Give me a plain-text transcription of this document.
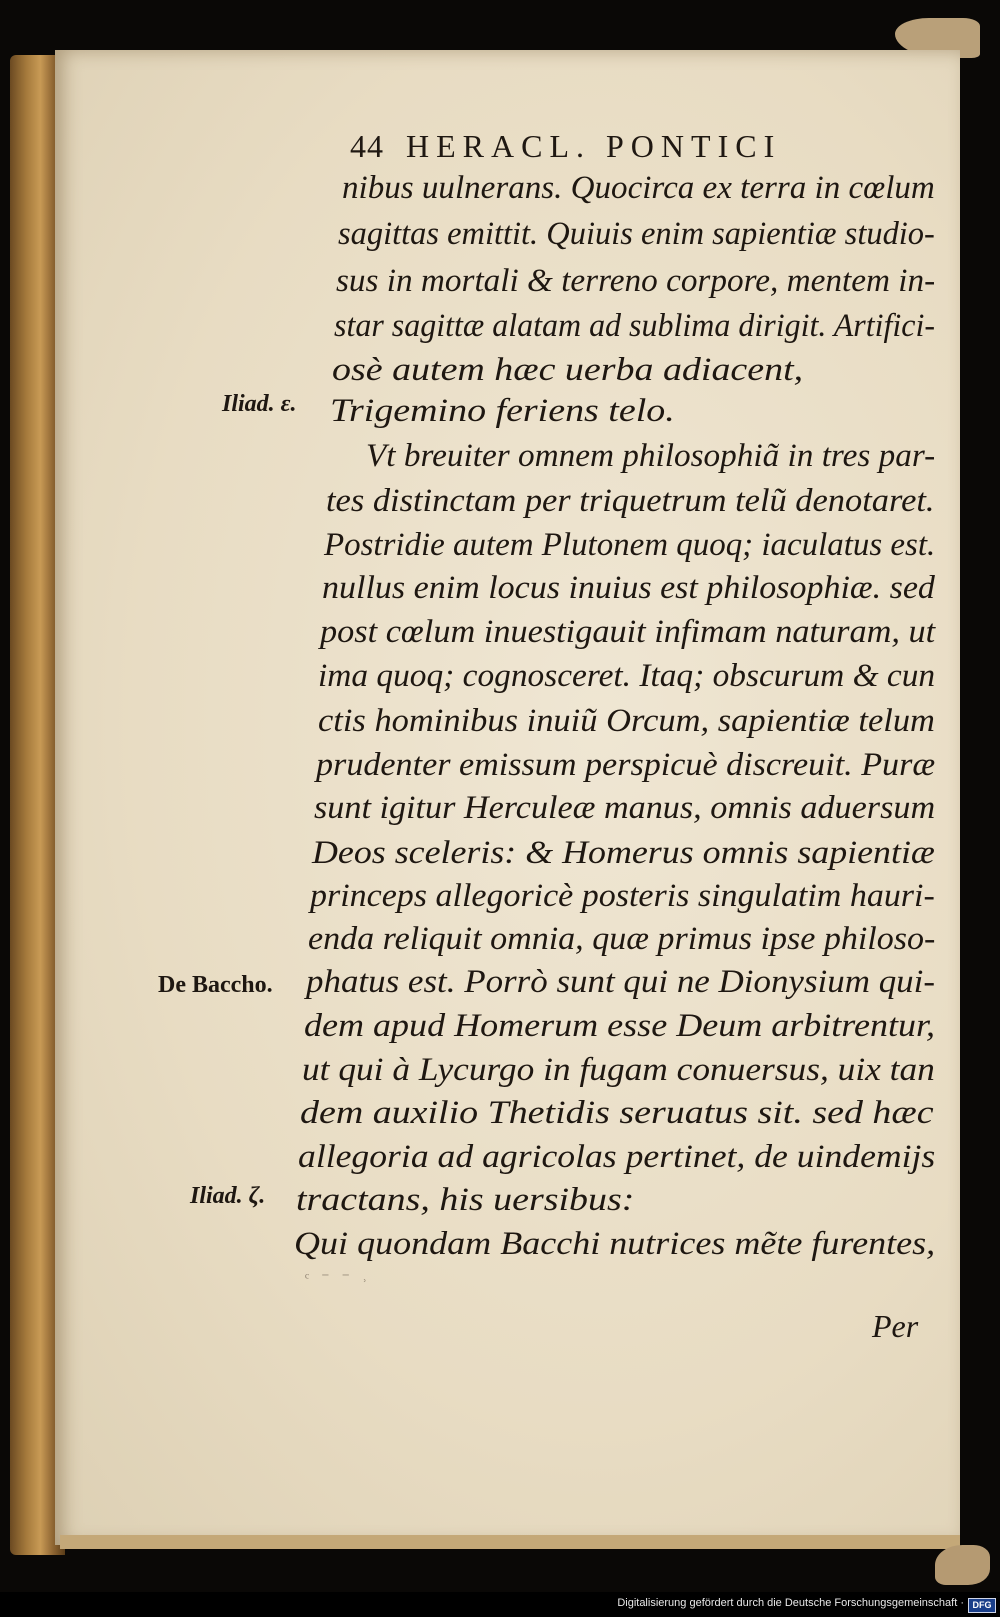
44 HERACL. PONTICI
nibus uulnerans. Quocirca ex terra in cœlum
sagittas emittit. Quiuis enim sapientiæ studio-
sus in mortali & terreno corpore, mentem in-
star sagittæ alatam ad sublima dirigit. Artifici-
osè autem hæc uerba adiacent,
Trigemino feriens telo.
Vt breuiter omnem philosophiã in tres par-
tes distinctam per triquetrum telũ denotaret.
Postridie autem Plutonem quoq; iaculatus est.
nullus enim locus inuius est philosophiæ. sed
post cœlum inuestigauit infimam naturam, ut
ima quoq; cognosceret. Itaq; obscurum & cun
ctis hominibus inuiũ Orcum, sapientiæ telum
prudenter emissum perspicuè discreuit. Puræ
sunt igitur Herculeæ manus, omnis aduersum
Deos sceleris: & Homerus omnis sapientiæ
princeps allegoricè posteris singulatim hauri-
enda reliquit omnia, quæ primus ipse philoso-
phatus est. Porrò sunt qui ne Dionysium qui-
dem apud Homerum esse Deum arbitrentur,
ut qui à Lycurgo in fugam conuersus, uix tan
dem auxilio Thetidis seruatus sit. sed hæc
allegoria ad agricolas pertinet, de uindemijs
tractans, his uersibus:
Qui quondam Bacchi nutrices mẽte furentes,
Iliad. ε.
De Baccho.
Iliad. ζ.
ᶜ ⁻ ⁻ ˒
Per
Digitalisierung gefördert durch die Deutsche Forschungsgemeinschaft · DFG
